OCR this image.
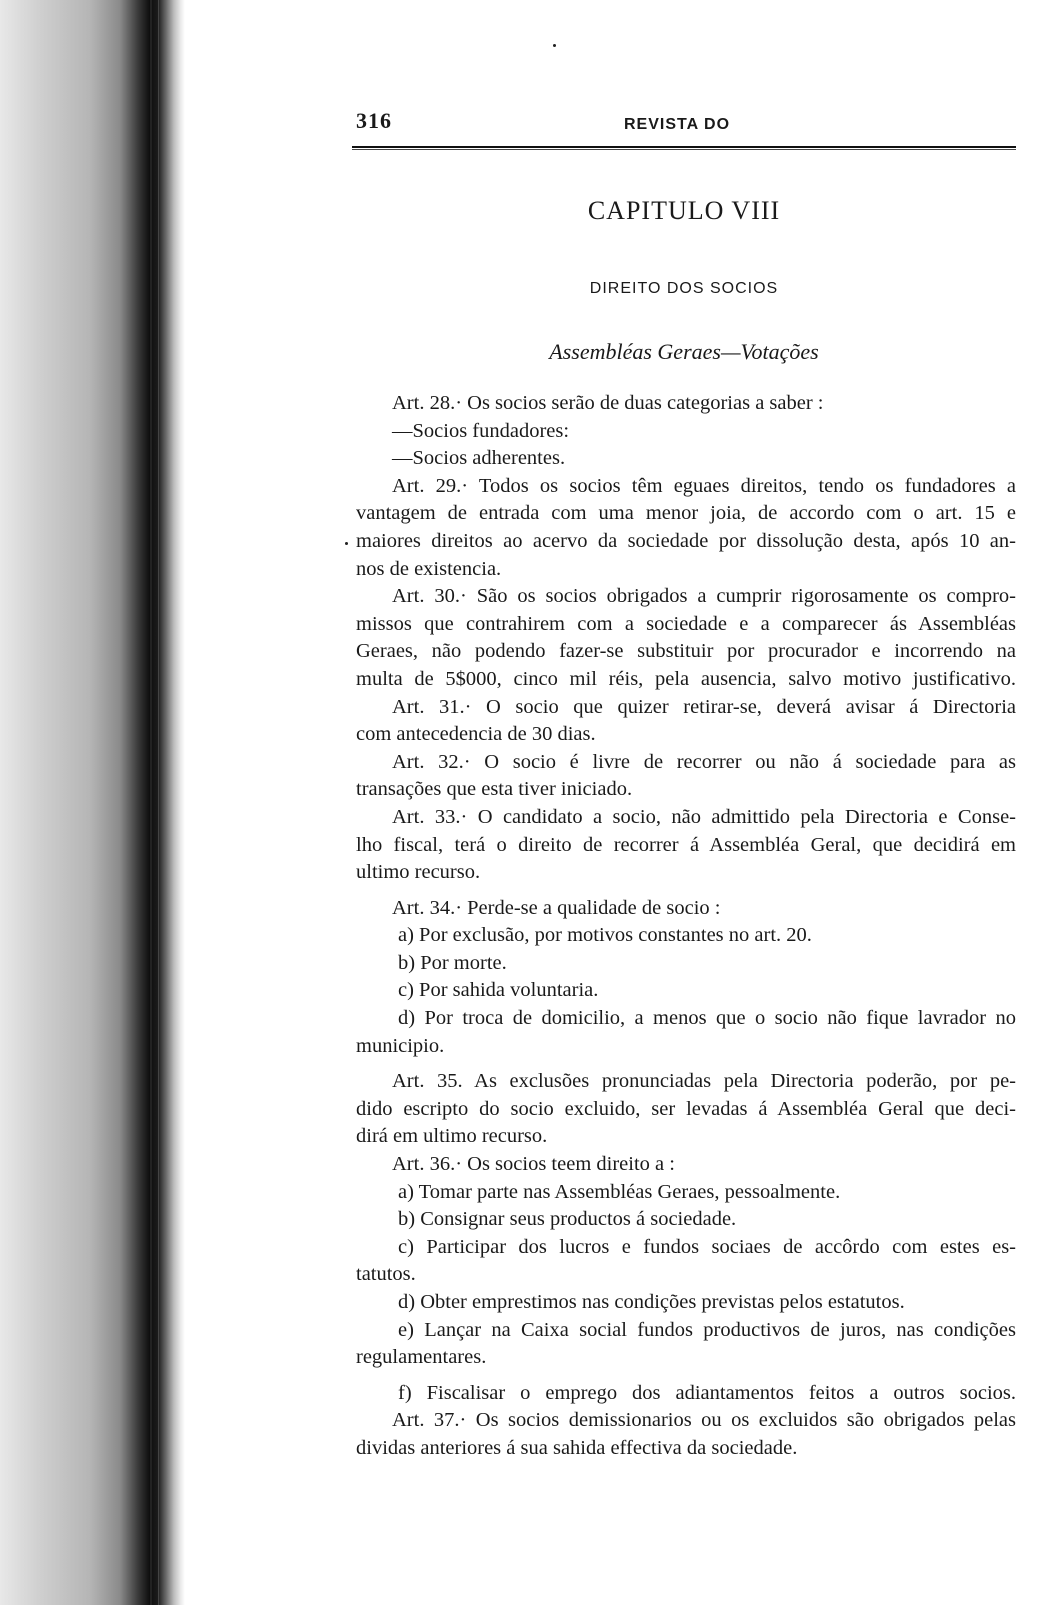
316	REVISTA DO
CAPITULO VIII
DIREITO DOS SOCIOS
Assembléas Geraes—Votações
Art. 28.· Os socios serão de duas categorias a saber :
—Socios fundadores:
—Socios adherentes.
Art. 29.· Todos os socios têm eguaes direitos, tendo os fundadores a
vantagem de entrada com uma menor joia, de accordo com o art. 15 e
maiores direitos ao acervo da sociedade por dissolução desta, após 10 an-
nos de existencia.
Art. 30.· São os socios obrigados a cumprir rigorosamente os compro-
missos que contrahirem com a sociedade e a comparecer ás Assembléas
Geraes, não podendo fazer-se substituir por procurador e incorrendo na
multa de 5$000, cinco mil réis, pela ausencia, salvo motivo justificativo.
Art. 31.· O socio que quizer retirar-se, deverá avisar á Directoria
com antecedencia de 30 dias.
Art. 32.· O socio é livre de recorrer ou não á sociedade para as
transações que esta tiver iniciado.
Art. 33.· O candidato a socio, não admittido pela Directoria e Conse-
lho fiscal, terá o direito de recorrer á Assembléa Geral, que decidirá em
ultimo recurso.
Art. 34.· Perde-se a qualidade de socio :
a) Por exclusão, por motivos constantes no art. 20.
b) Por morte.
c) Por sahida voluntaria.
d) Por troca de domicilio, a menos que o socio não fique lavrador no
municipio.
Art. 35. As exclusões pronunciadas pela Directoria poderão, por pe-
dido escripto do socio excluido, ser levadas á Assembléa Geral que deci-
dirá em ultimo recurso.
Art. 36.· Os socios teem direito a :
a) Tomar parte nas Assembléas Geraes, pessoalmente.
b) Consignar seus productos á sociedade.
c) Participar dos lucros e fundos sociaes de accôrdo com estes es-
tatutos.
d) Obter emprestimos nas condições previstas pelos estatutos.
e) Lançar na Caixa social fundos productivos de juros, nas condições
regulamentares.
f) Fiscalisar o emprego dos adiantamentos feitos a outros socios.
Art. 37.· Os socios demissionarios ou os excluidos são obrigados pelas
dividas anteriores á sua sahida effectiva da sociedade.
